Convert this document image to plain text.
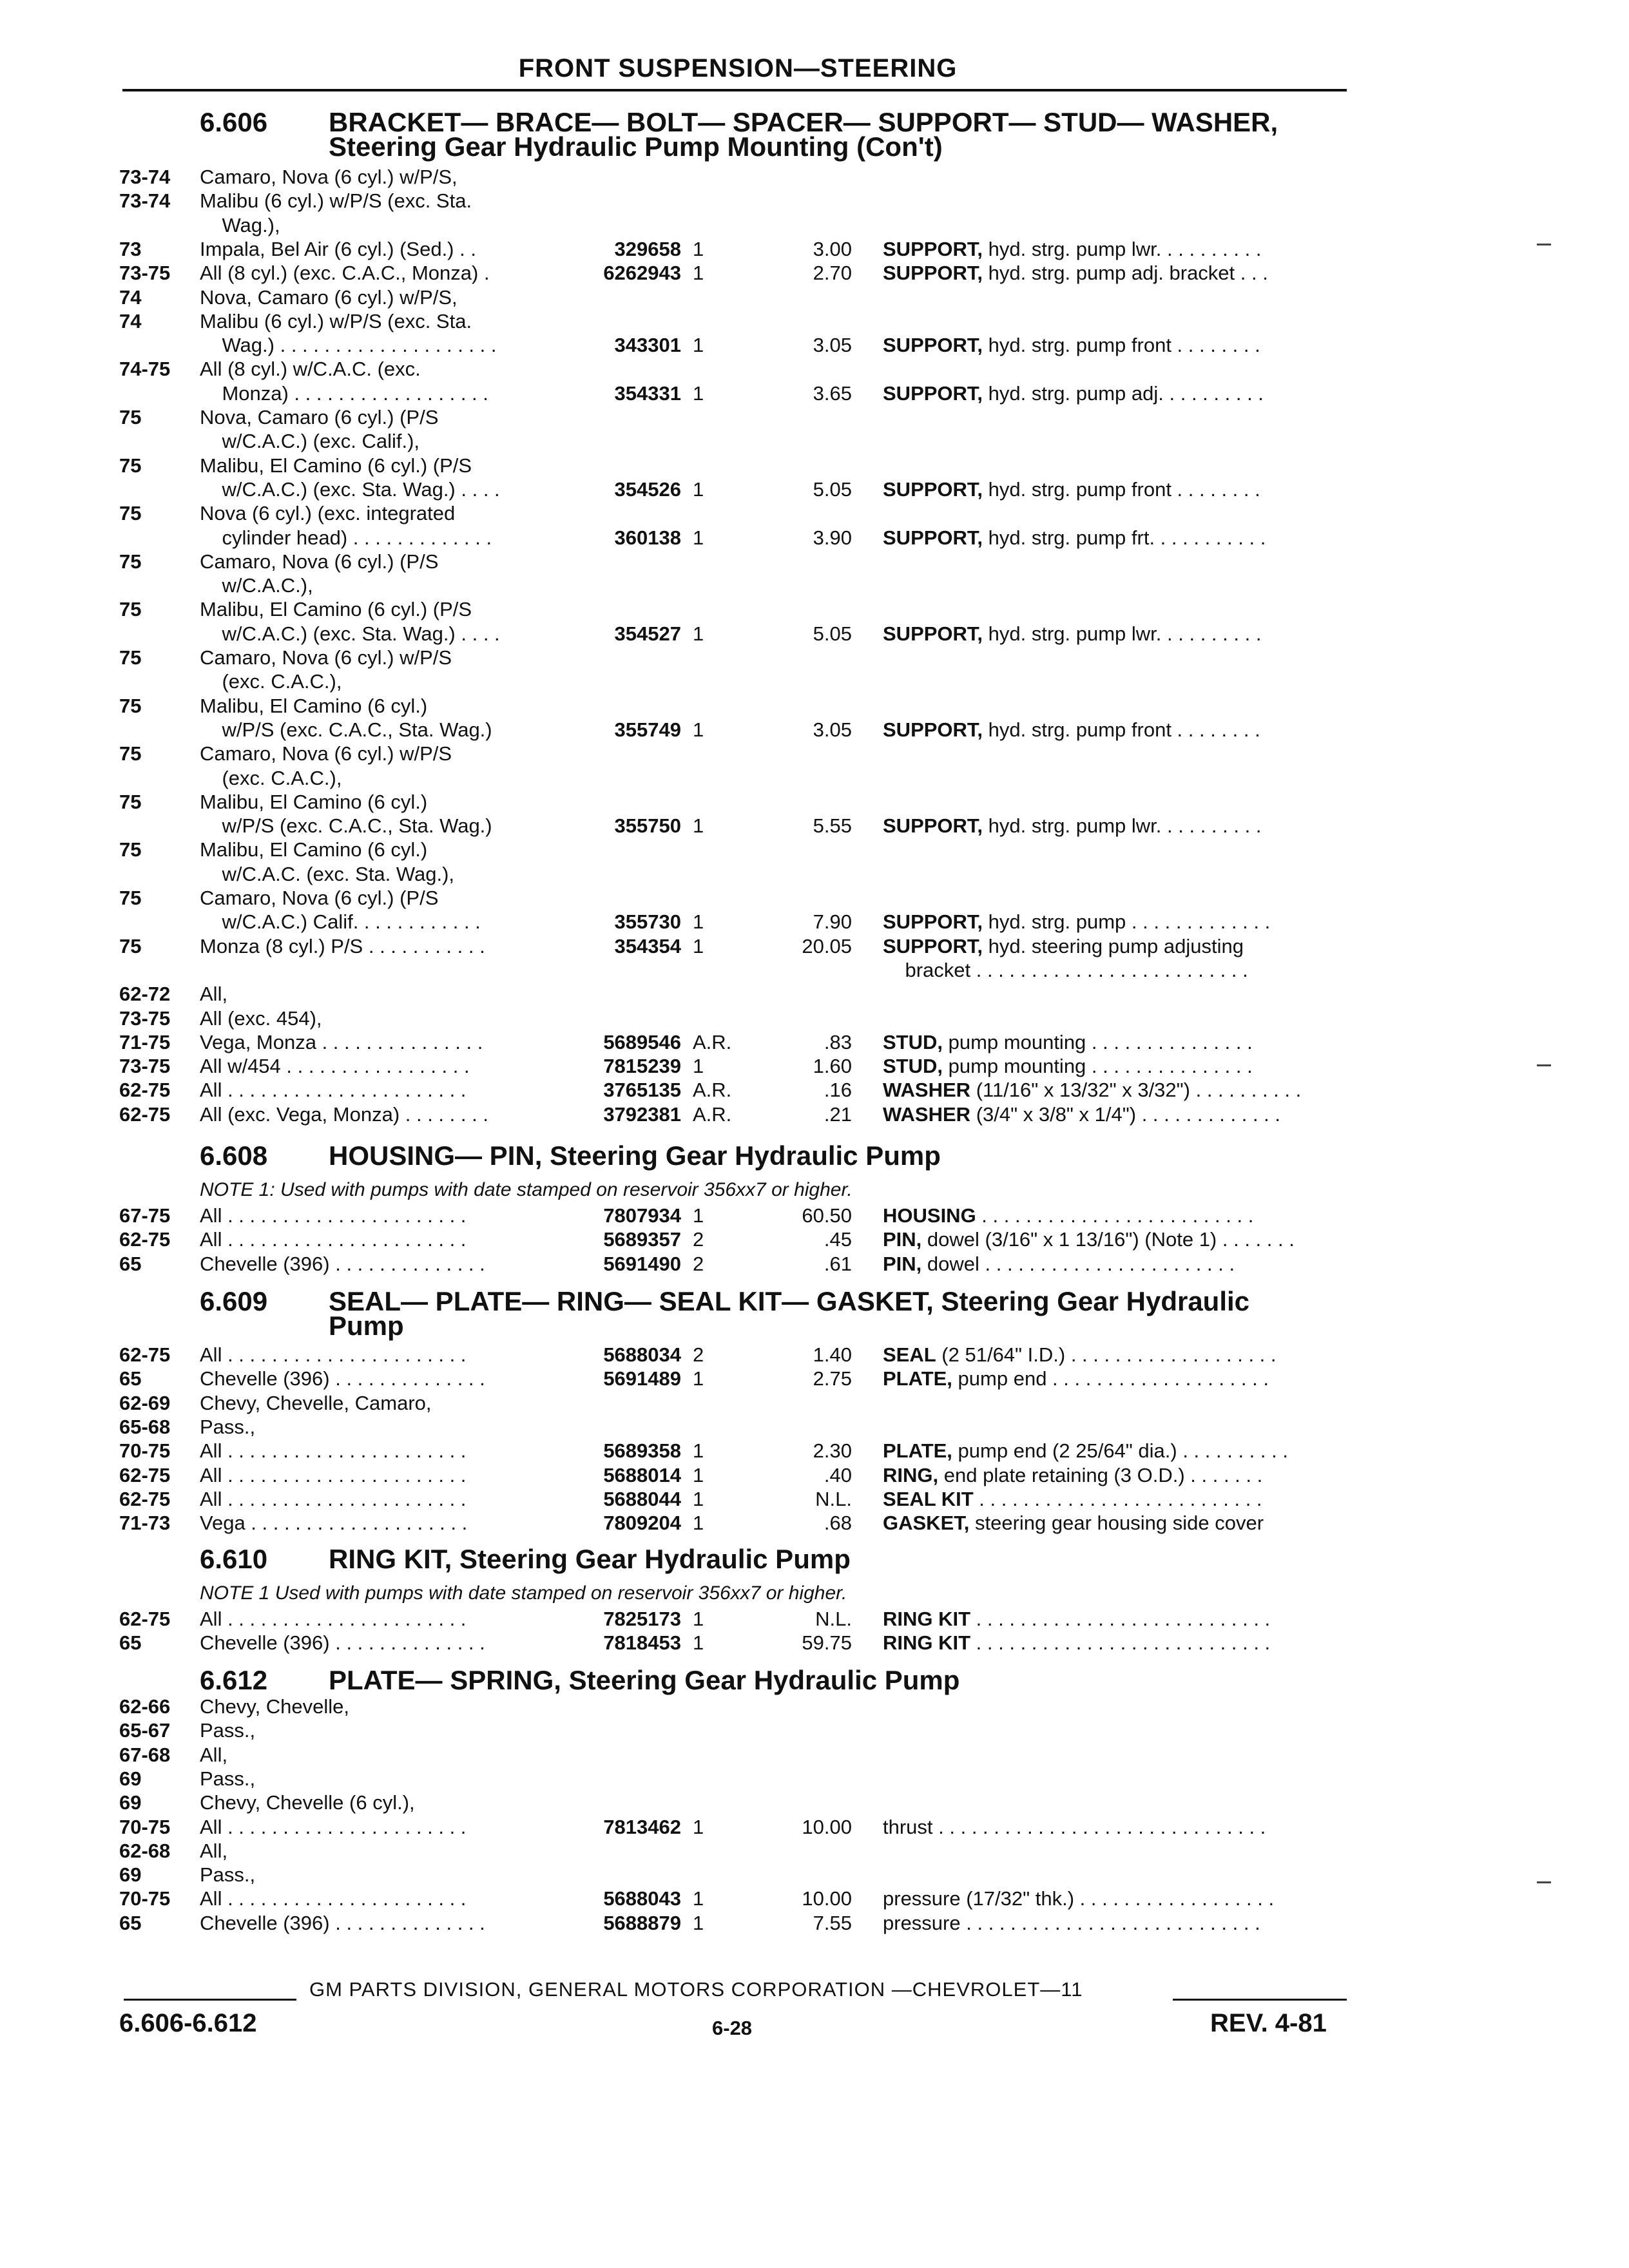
FRONT SUSPENSION—STEERING
6.606 BRACKET— BRACE— BOLT— SPACER— SUPPORT— STUD— WASHER,
Steering Gear Hydraulic Pump Mounting (Con't)
6.608 HOUSING— PIN, Steering Gear Hydraulic Pump
NOTE 1: Used with pumps with date stamped on reservoir 356xx7 or higher.
6.609 SEAL— PLATE— RING— SEAL KIT— GASKET, Steering Gear Hydraulic
Pump
6.610 RING KIT, Steering Gear Hydraulic Pump
NOTE 1 Used with pumps with date stamped on reservoir 356xx7 or higher.
6.612 PLATE— SPRING, Steering Gear Hydraulic Pump
73-74	Camaro, Nova (6 cyl.) w/P/S,
73-74	Malibu (6 cyl.) w/P/S (exc. Sta.
Wag.),
73	Impala, Bel Air (6 cyl.) (Sed.) . .	329658 1	3.00 SUPPORT, hyd. strg. pump lwr. . . . . . . . . .
73-75	All (8 cyl.) (exc. C.A.C., Monza) .	6262943 1	2.70 SUPPORT, hyd. strg. pump adj. bracket . . .
74	Nova, Camaro (6 cyl.) w/P/S,
74	Malibu (6 cyl.) w/P/S (exc. Sta.
Wag.) . . . . . . . . . . . . . . . . . . . .	343301 1	3.05 SUPPORT, hyd. strg. pump front . . . . . . . .
74-75	All (8 cyl.) w/C.A.C. (exc.
Monza) . . . . . . . . . . . . . . . . . .	354331 1	3.65 SUPPORT, hyd. strg. pump adj. . . . . . . . . .
75	Nova, Camaro (6 cyl.) (P/S
w/C.A.C.) (exc. Calif.),
75	Malibu, El Camino (6 cyl.) (P/S
w/C.A.C.) (exc. Sta. Wag.) . . . .	354526 1	5.05 SUPPORT, hyd. strg. pump front . . . . . . . .
75	Nova (6 cyl.) (exc. integrated
cylinder head) . . . . . . . . . . . . .	360138 1	3.90 SUPPORT, hyd. strg. pump frt. . . . . . . . . . .
75	Camaro, Nova (6 cyl.) (P/S
w/C.A.C.),
75	Malibu, El Camino (6 cyl.) (P/S
w/C.A.C.) (exc. Sta. Wag.) . . . .	354527 1	5.05 SUPPORT, hyd. strg. pump lwr. . . . . . . . . .
75	Camaro, Nova (6 cyl.) w/P/S
(exc. C.A.C.),
75	Malibu, El Camino (6 cyl.)
w/P/S (exc. C.A.C., Sta. Wag.)	355749 1	3.05 SUPPORT, hyd. strg. pump front . . . . . . . .
75	Camaro, Nova (6 cyl.) w/P/S
(exc. C.A.C.),
75	Malibu, El Camino (6 cyl.)
w/P/S (exc. C.A.C., Sta. Wag.)	355750 1	5.55 SUPPORT, hyd. strg. pump lwr. . . . . . . . . .
75	Malibu, El Camino (6 cyl.)
w/C.A.C. (exc. Sta. Wag.),
75	Camaro, Nova (6 cyl.) (P/S
w/C.A.C.) Calif. . . . . . . . . . . .	355730 1	7.90 SUPPORT, hyd. strg. pump . . . . . . . . . . . . .
75	Monza (8 cyl.) P/S . . . . . . . . . . .	354354 1	20.05 SUPPORT, hyd. steering pump adjusting
bracket . . . . . . . . . . . . . . . . . . . . . . . . .
62-72	All,
73-75	All (exc. 454),
71-75	Vega, Monza . . . . . . . . . . . . . . .	5689546 A.R.	.83 STUD, pump mounting . . . . . . . . . . . . . . .
73-75	All w/454 . . . . . . . . . . . . . . . . .	7815239 1	1.60 STUD, pump mounting . . . . . . . . . . . . . . .
62-75	All . . . . . . . . . . . . . . . . . . . . . .	3765135 A.R.	.16 WASHER (11/16" x 13/32" x 3/32") . . . . . . . . . .
62-75	All (exc. Vega, Monza) . . . . . . . .	3792381 A.R.	.21 WASHER (3/4" x 3/8" x 1/4") . . . . . . . . . . . . .
67-75	All . . . . . . . . . . . . . . . . . . . . . .	7807934 1	60.50 HOUSING . . . . . . . . . . . . . . . . . . . . . . . . .
62-75	All . . . . . . . . . . . . . . . . . . . . . .	5689357 2	.45 PIN, dowel (3/16" x 1 13/16") (Note 1) . . . . . . .
65	Chevelle (396) . . . . . . . . . . . . . .	5691490 2	.61 PIN, dowel . . . . . . . . . . . . . . . . . . . . . . .
62-75	All . . . . . . . . . . . . . . . . . . . . . .	5688034 2	1.40 SEAL (2 51/64" I.D.) . . . . . . . . . . . . . . . . . . .
65	Chevelle (396) . . . . . . . . . . . . . .	5691489 1	2.75 PLATE, pump end . . . . . . . . . . . . . . . . . . . .
62-69	Chevy, Chevelle, Camaro,
65-68	Pass.,
70-75	All . . . . . . . . . . . . . . . . . . . . . .	5689358 1	2.30 PLATE, pump end (2 25/64" dia.) . . . . . . . . . .
62-75	All . . . . . . . . . . . . . . . . . . . . . .	5688014 1	.40 RING, end plate retaining (3 O.D.) . . . . . . .
62-75	All . . . . . . . . . . . . . . . . . . . . . .	5688044 1	N.L. SEAL KIT . . . . . . . . . . . . . . . . . . . . . . . . . .
71-73	Vega . . . . . . . . . . . . . . . . . . . .	7809204 1	.68 GASKET, steering gear housing side cover
62-75	All . . . . . . . . . . . . . . . . . . . . . .	7825173 1	N.L. RING KIT . . . . . . . . . . . . . . . . . . . . . . . . . . .
65	Chevelle (396) . . . . . . . . . . . . . .	7818453 1	59.75 RING KIT . . . . . . . . . . . . . . . . . . . . . . . . . . .
62-66	Chevy, Chevelle,
65-67	Pass.,
67-68	All,
69	Pass.,
69	Chevy, Chevelle (6 cyl.),
70-75	All . . . . . . . . . . . . . . . . . . . . . .	7813462 1	10.00 thrust . . . . . . . . . . . . . . . . . . . . . . . . . . . . . .
62-68	All,
69	Pass.,
70-75	All . . . . . . . . . . . . . . . . . . . . . .	5688043 1	10.00 pressure (17/32" thk.) . . . . . . . . . . . . . . . . . .
65	Chevelle (396) . . . . . . . . . . . . . .	5688879 1	7.55 pressure . . . . . . . . . . . . . . . . . . . . . . . . . . .
GM PARTS DIVISION, GENERAL MOTORS CORPORATION —CHEVROLET—11
6.606-6.612	6-28	REV. 4-81
